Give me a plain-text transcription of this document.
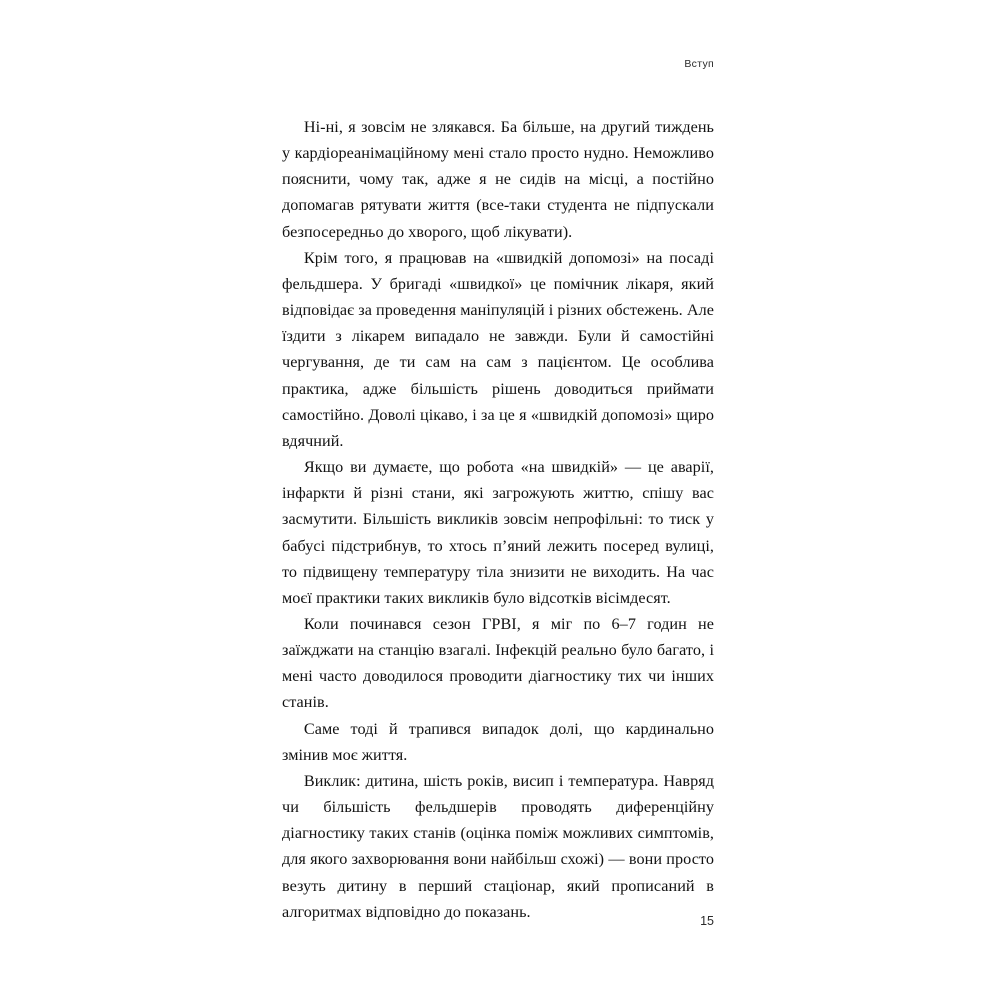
Вступ

Ні-ні, я зовсім не злякався. Ба більше, на другий тиждень у кардіореанімаційному мені стало просто нудно. Неможливо пояснити, чому так, адже я не сидів на місці, а постійно допомагав рятувати життя (все-таки студента не підпускали безпосередньо до хворого, щоб лікувати).

Крім того, я працював на «швидкій допомозі» на посаді фельдшера. У бригаді «швидкої» це помічник лікаря, який відповідає за проведення маніпуляцій і різних обстежень. Але їздити з лікарем випадало не завжди. Були й самостійні чергування, де ти сам на сам з пацієнтом. Це особлива практика, адже більшість рішень доводиться приймати самостійно. Доволі цікаво, і за це я «швидкій допомозі» щиро вдячний.

Якщо ви думаєте, що робота «на швидкій» — це аварії, інфаркти й різні стани, які загрожують життю, спішу вас засмутити. Більшість викликів зовсім непрофільні: то тиск у бабусі підстрибнув, то хтось п’яний лежить посеред вулиці, то підвищену температуру тіла знизити не виходить. На час моєї практики таких викликів було відсотків вісімдесят.

Коли починався сезон ГРВІ, я міг по 6–7 годин не заїжджати на станцію взагалі. Інфекцій реально було багато, і мені часто доводилося проводити діагностику тих чи інших станів.

Саме тоді й трапився випадок долі, що кардинально змінив моє життя.

Виклик: дитина, шість років, висип і температура. Навряд чи більшість фельдшерів проводять диференційну діагностику таких станів (оцінка поміж можливих симптомів, для якого захворювання вони найбільш схожі) — вони просто везуть дитину в перший стаціонар, який прописаний в алгоритмах відповідно до показань.

15
